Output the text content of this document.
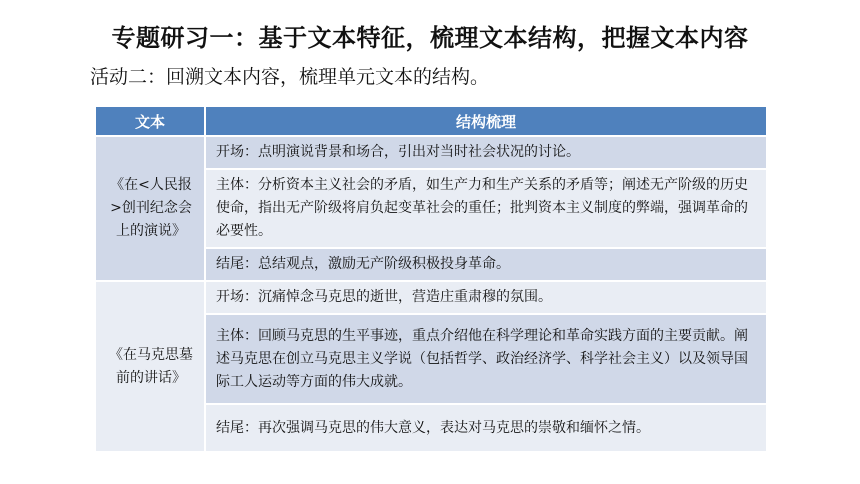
专题研习一：基于文本特征，梳理文本结构，把握文本内容

活动二：回溯文本内容，梳理单元文本的结构。

文本	结构梳理
《在<人民报>创刊纪念会上的演说》	开场：点明演说背景和场合，引出对当时社会状况的讨论。
	主体：分析资本主义社会的矛盾，如生产力和生产关系的矛盾等；阐述无产阶级的历史使命，指出无产阶级将肩负起变革社会的重任；批判资本主义制度的弊端，强调革命的必要性。
	结尾：总结观点，激励无产阶级积极投身革命。
《在马克思墓前的讲话》	开场：沉痛悼念马克思的逝世，营造庄重肃穆的氛围。
	主体：回顾马克思的生平事迹，重点介绍他在科学理论和革命实践方面的主要贡献。阐述马克思在创立马克思主义学说（包括哲学、政治经济学、科学社会主义）以及领导国际工人运动等方面的伟大成就。
	结尾：再次强调马克思的伟大意义，表达对马克思的崇敬和缅怀之情。
